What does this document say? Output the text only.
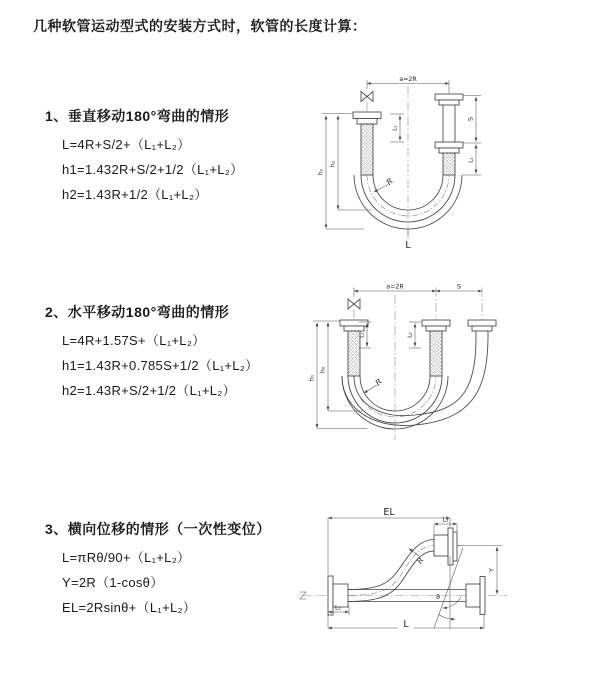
几种软管运动型式的安装方式时，软管的长度计算：
1、垂直移动180°弯曲的情形
L=4R+S/2+（L₁+L₂）
h1=1.432R+S/2+1/2（L₁+L₂）
h2=1.43R+1/2（L₁+L₂）
2、水平移动180°弯曲的情形
L=4R+1.57S+（L₁+L₂）
h1=1.43R+0.785S+1/2（L₁+L₂）
h2=1.43R+S/2+1/2（L₁+L₂）
3、横向位移的情形（一次性变位）
L=πRθ/90+（L₁+L₂）
Y=2R（1-cosθ）
EL=2Rsinθ+（L₁+L₂）
a=2R
h₁
h₂
L₁
S
L₂
R
L
a=2R	S
h₁
h₂
L₁	L₂
R
EL
L₂
Y
θ
R
L₁
L
